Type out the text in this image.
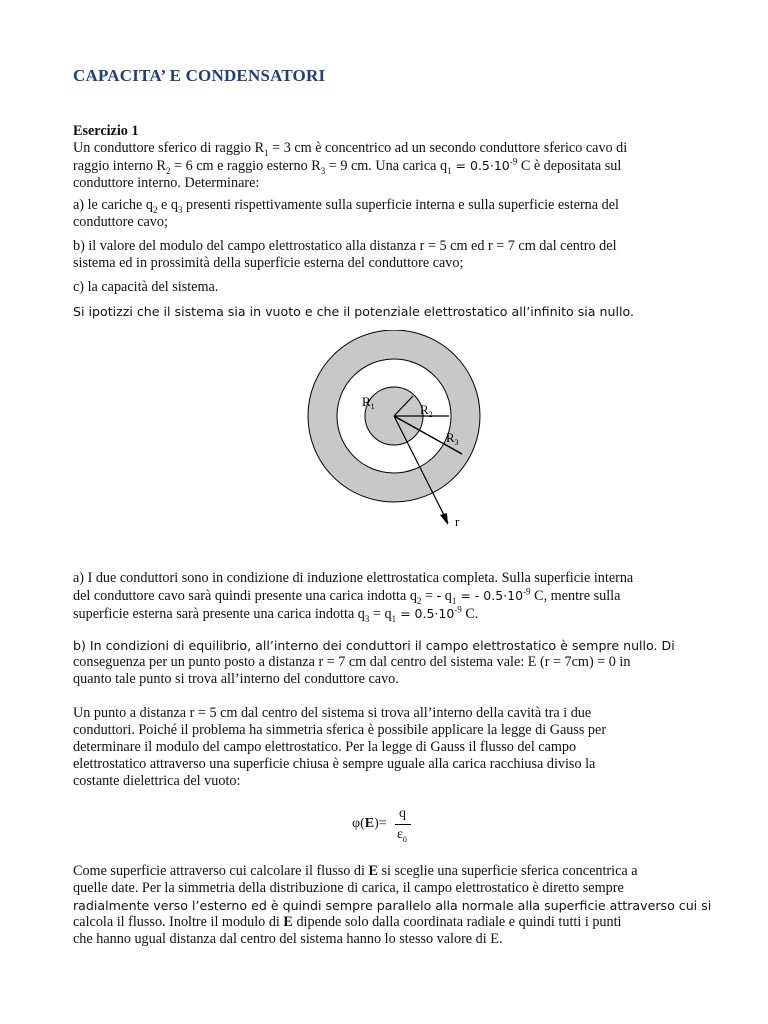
CAPACITA’ E CONDENSATORI
Esercizio 1
Un conduttore sferico di raggio $R_1 = 3$ cm è concentrico ad un secondo conduttore sferico cavo di
raggio interno $R_2 = 6$ cm e raggio esterno $R_3 = 9$ cm. Una carica $q_1 = 0.5\cdot 10^{-9}$ C è depositata sul
conduttore interno. Determinare:
a) le cariche $q_2$ e $q_3$ presenti rispettivamente sulla superficie interna e sulla superficie esterna del
conduttore cavo;
b) il valore del modulo del campo elettrostatico alla distanza r = 5 cm ed r = 7 cm dal centro del
sistema ed in prossimità della superficie esterna del conduttore cavo;
c) la capacità del sistema.
Si ipotizzi che il sistema sia in vuoto e che il potenziale elettrostatico all’infinito sia nullo.
$R_1$	$R_2$
$R_3$
r
a) I due conduttori sono in condizione di induzione elettrostatica completa. Sulla superficie interna
del conduttore cavo sarà quindi presente una carica indotta $q_2$ = - $q_1$ = - $0.5\cdot 10^{-9}$ C, mentre sulla
superficie esterna sarà presente una carica indotta $q_3 = q_1 = 0.5\cdot 10^{-9}$ C.
b) In condizioni di equilibrio, all’interno dei conduttori il campo elettrostatico è sempre nullo. Di
conseguenza per un punto posto a distanza r = 7 cm dal centro del sistema vale: E (r = 7cm) = 0 in
quanto tale punto si trova all’interno del conduttore cavo.
Un punto a distanza r = 5 cm dal centro del sistema si trova all’interno della cavità tra i due
conduttori. Poiché il problema ha simmetria sferica è possibile applicare la legge di Gauss per
determinare il modulo del campo elettrostatico. Per la legge di Gauss il flusso del campo
elettrostatico attraverso una superficie chiusa è sempre uguale alla carica racchiusa diviso la
costante dielettrica del vuoto:
φ(E)=
q
$\varepsilon_0$
Come superficie attraverso cui calcolare il flusso di E si sceglie una superficie sferica concentrica a
quelle date. Per la simmetria della distribuzione di carica, il campo elettrostatico è diretto sempre
radialmente verso l’esterno ed è quindi sempre parallelo alla normale alla superficie attraverso cui si
calcola il flusso. Inoltre il modulo di E dipende solo dalla coordinata radiale e quindi tutti i punti
che hanno ugual distanza dal centro del sistema hanno lo stesso valore di E.
